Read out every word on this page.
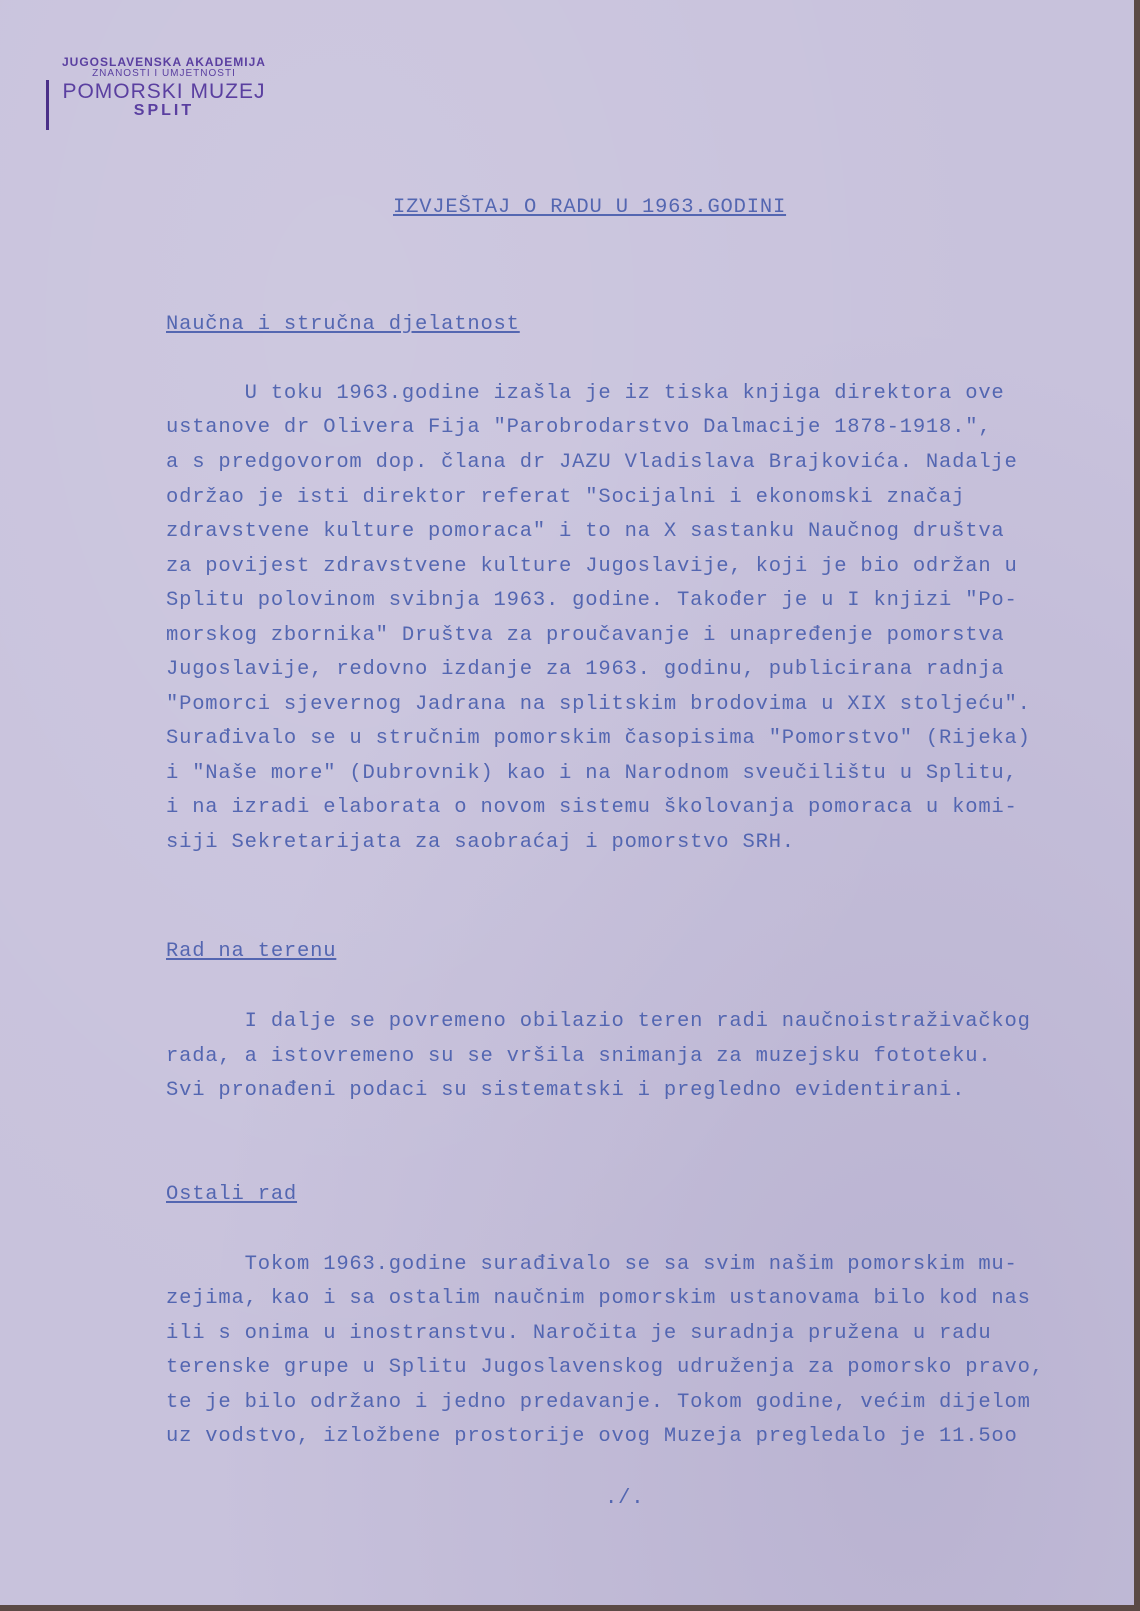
JUGOSLAVENSKA AKADEMIJA
ZNANOSTI I UMJETNOSTI
POMORSKI MUZEJ
SPLIT
IZVJEŠTAJ O RADU U 1963.GODINI
Naučna i stručna djelatnost
U toku 1963.godine izašla je iz tiska knjiga direktora ove
ustanove dr Olivera Fija "Parobrodarstvo Dalmacije 1878-1918.",
a s predgovorom dop. člana dr JAZU Vladislava Brajkovića. Nadalje
održao je isti direktor referat "Socijalni i ekonomski značaj
zdravstvene kulture pomoraca" i to na X sastanku Naučnog društva
za povijest zdravstvene kulture Jugoslavije, koji je bio održan u
Splitu polovinom svibnja 1963. godine. Također je u I knjizi "Po-
morskog zbornika" Društva za proučavanje i unapređenje pomorstva
Jugoslavije, redovno izdanje za 1963. godinu, publicirana radnja
"Pomorci sjevernog Jadrana na splitskim brodovima u XIX stoljeću".
Surađivalo se u stručnim pomorskim časopisima "Pomorstvo" (Rijeka)
i "Naše more" (Dubrovnik) kao i na Narodnom sveučilištu u Splitu,
i na izradi elaborata o novom sistemu školovanja pomoraca u komi-
siji Sekretarijata za saobraćaj i pomorstvo SRH.
Rad na terenu
I dalje se povremeno obilazio teren radi naučnoistraživačkog
rada, a istovremeno su se vršila snimanja za muzejsku fototeku.
Svi pronađeni podaci su sistematski i pregledno evidentirani.
Ostali rad
Tokom 1963.godine surađivalo se sa svim našim pomorskim mu-
zejima, kao i sa ostalim naučnim pomorskim ustanovama bilo kod nas
ili s onima u inostranstvu. Naročita je suradnja pružena u radu
terenske grupe u Splitu Jugoslavenskog udruženja za pomorsko pravo,
te je bilo održano i jedno predavanje. Tokom godine, većim dijelom
uz vodstvo, izložbene prostorije ovog Muzeja pregledalo je 11.5oo
./.
